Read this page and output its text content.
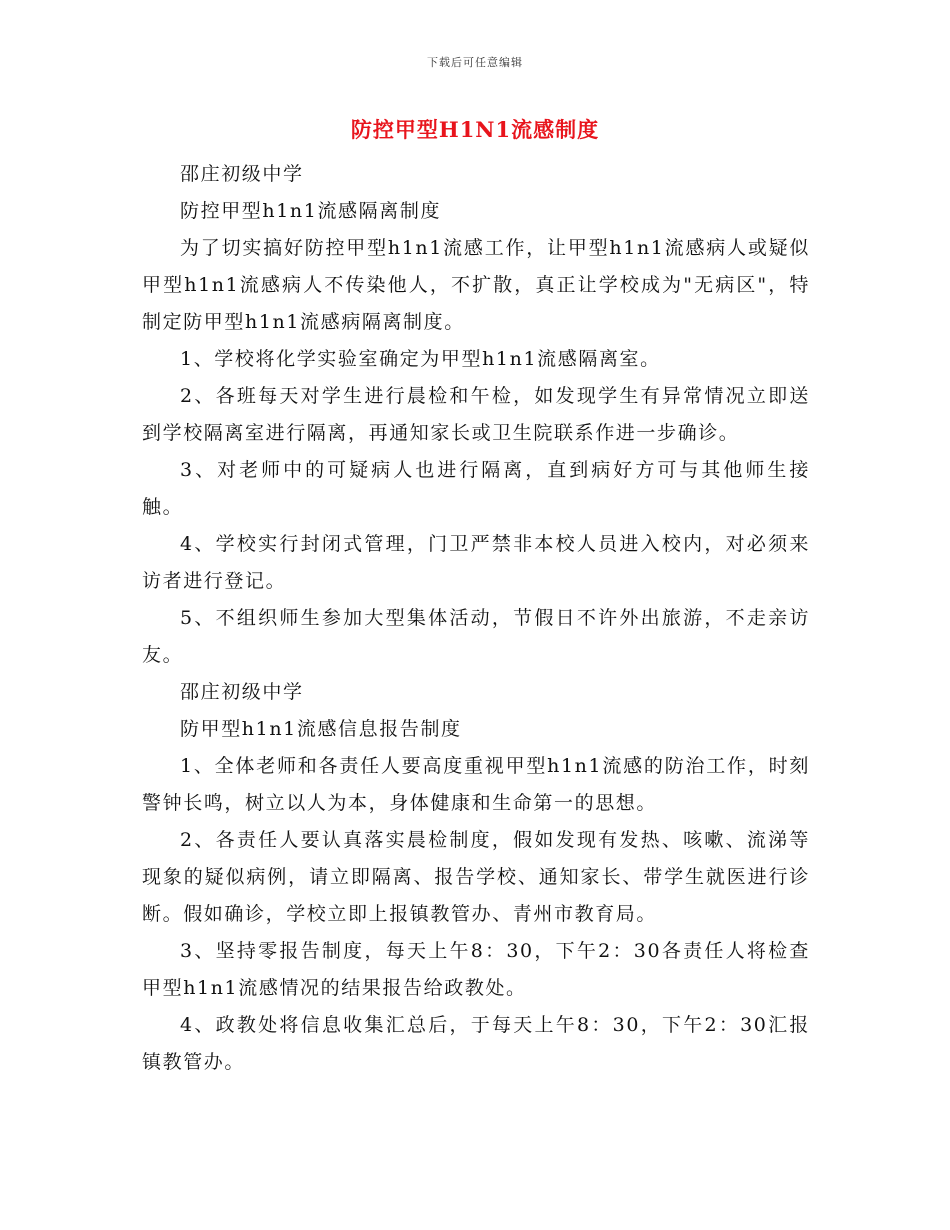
下载后可任意编辑
防控甲型H1N1流感制度

邵庄初级中学

防控甲型h1n1流感隔离制度

为了切实搞好防控甲型h1n1流感工作，让甲型h1n1流感病人或疑似甲型h1n1流感病人不传染他人，不扩散，真正让学校成为"无病区"，特制定防甲型h1n1流感病隔离制度。

1、学校将化学实验室确定为甲型h1n1流感隔离室。

2、各班每天对学生进行晨检和午检，如发现学生有异常情况立即送到学校隔离室进行隔离，再通知家长或卫生院联系作进一步确诊。

3、对老师中的可疑病人也进行隔离，直到病好方可与其他师生接触。

4、学校实行封闭式管理，门卫严禁非本校人员进入校内，对必须来访者进行登记。

5、不组织师生参加大型集体活动，节假日不许外出旅游，不走亲访友。

邵庄初级中学

防甲型h1n1流感信息报告制度

1、全体老师和各责任人要高度重视甲型h1n1流感的防治工作，时刻警钟长鸣，树立以人为本，身体健康和生命第一的思想。

2、各责任人要认真落实晨检制度，假如发现有发热、咳嗽、流涕等现象的疑似病例，请立即隔离、报告学校、通知家长、带学生就医进行诊断。假如确诊，学校立即上报镇教管办、青州市教育局。

3、坚持零报告制度，每天上午8：30，下午2：30各责任人将检查甲型h1n1流感情况的结果报告给政教处。

4、政教处将信息收集汇总后，于每天上午8：30，下午2：30汇报镇教管办。
